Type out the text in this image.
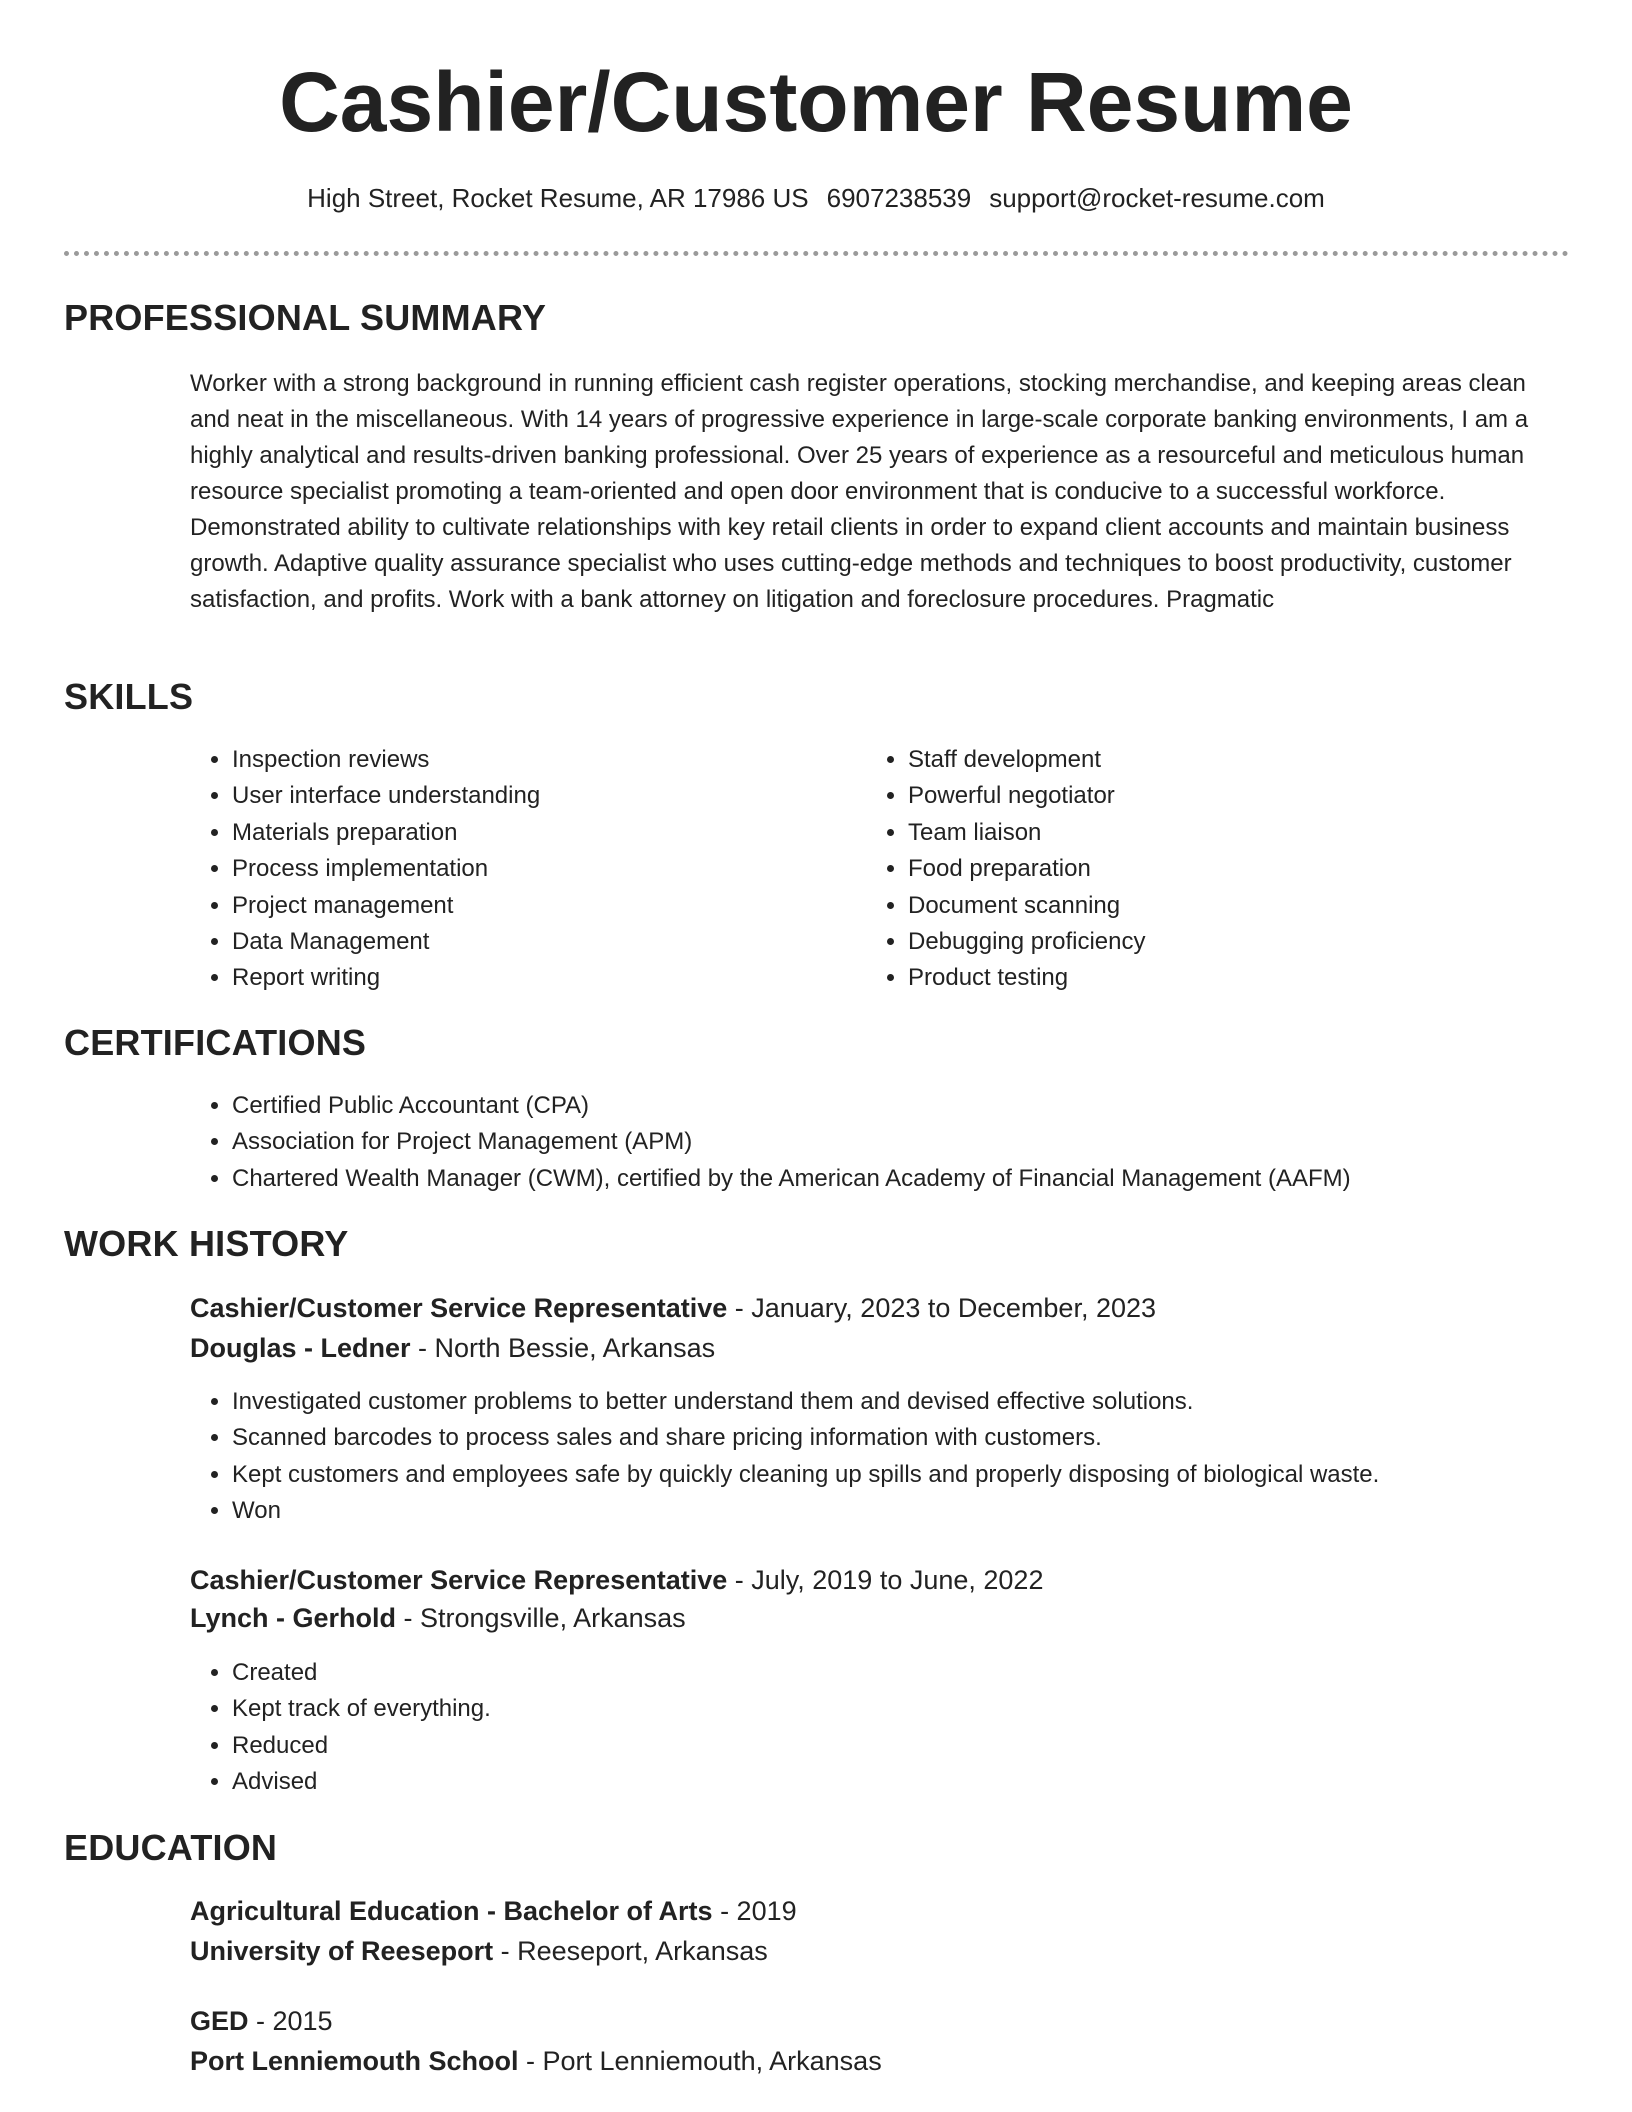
Cashier/Customer Resume
High Street, Rocket Resume, AR 17986 US 6907238539 support@rocket-resume.com
PROFESSIONAL SUMMARY

Worker with a strong background in running efficient cash register operations, stocking merchandise, and keeping areas clean and neat in the miscellaneous. With 14 years of progressive experience in large-scale corporate banking environments, I am a highly analytical and results-driven banking professional. Over 25 years of experience as a resourceful and meticulous human resource specialist promoting a team-oriented and open door environment that is conducive to a successful workforce. Demonstrated ability to cultivate relationships with key retail clients in order to expand client accounts and maintain business growth. Adaptive quality assurance specialist who uses cutting-edge methods and techniques to boost productivity, customer satisfaction, and profits. Work with a bank attorney on litigation and foreclosure procedures. Pragmatic

SKILLS
• Inspection reviews
• User interface understanding
• Materials preparation
• Process implementation
• Project management
• Data Management
• Report writing
• Staff development
• Powerful negotiator
• Team liaison
• Food preparation
• Document scanning
• Debugging proficiency
• Product testing
CERTIFICATIONS
• Certified Public Accountant (CPA)
• Association for Project Management (APM)
• Chartered Wealth Manager (CWM), certified by the American Academy of Financial Management (AAFM)
WORK HISTORY
Cashier/Customer Service Representative - January, 2023 to December, 2023
Douglas - Ledner - North Bessie, Arkansas
• Investigated customer problems to better understand them and devised effective solutions.
• Scanned barcodes to process sales and share pricing information with customers.
• Kept customers and employees safe by quickly cleaning up spills and properly disposing of biological waste.
• Won
Cashier/Customer Service Representative - July, 2019 to June, 2022
Lynch - Gerhold - Strongsville, Arkansas
• Created
• Kept track of everything.
• Reduced
• Advised
EDUCATION
Agricultural Education - Bachelor of Arts - 2019
University of Reeseport - Reeseport, Arkansas
GED - 2015
Port Lenniemouth School - Port Lenniemouth, Arkansas
